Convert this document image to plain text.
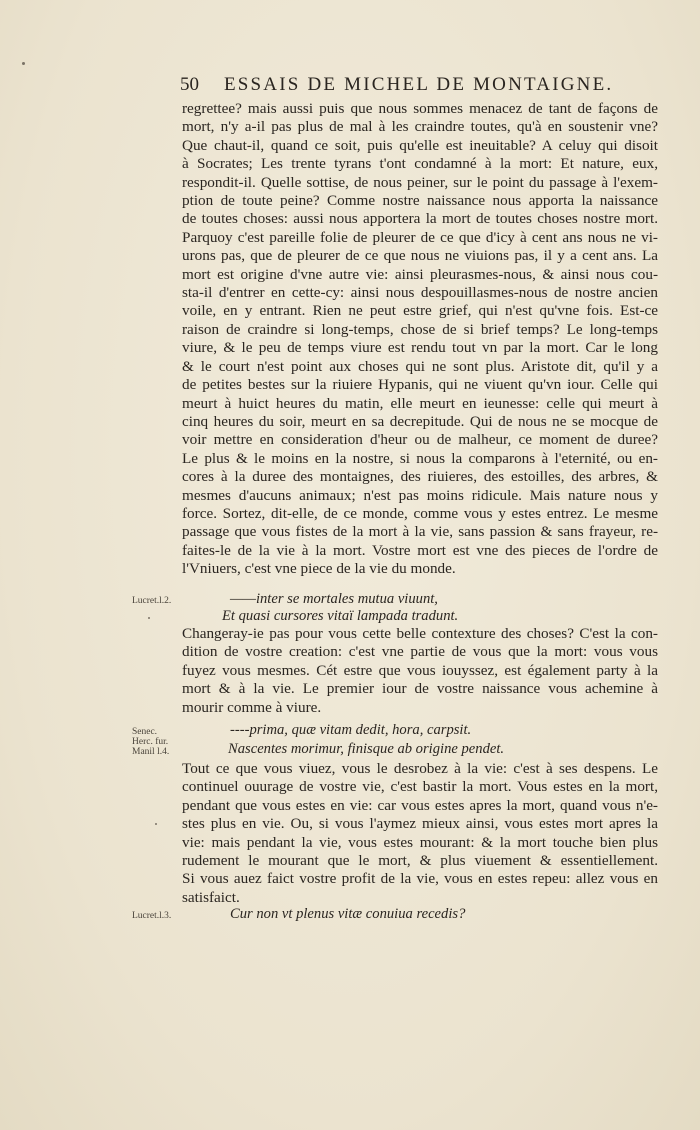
50 ESSAIS DE MICHEL DE MONTAIGNE.
regrettee? mais aussi puis que nous sommes menacez de tant de façons de
mort, n'y a-il pas plus de mal à les craindre toutes, qu'à en soustenir vne?
Que chaut-il, quand ce soit, puis qu'elle est ineuitable? A celuy qui disoit
à Socrates; Les trente tyrans t'ont condamné à la mort: Et nature, eux,
respondit-il. Quelle sottise, de nous peiner, sur le point du passage à l'exem-
ption de toute peine? Comme nostre naissance nous apporta la naissance
de toutes choses: aussi nous apportera la mort de toutes choses nostre mort.
Parquoy c'est pareille folie de pleurer de ce que d'icy à cent ans nous ne vi-
urons pas, que de pleurer de ce que nous ne viuions pas, il y a cent ans. La
mort est origine d'vne autre vie: ainsi pleurasmes-nous, & ainsi nous cou-
sta-il d'entrer en cette-cy: ainsi nous despouillasmes-nous de nostre ancien
voile, en y entrant. Rien ne peut estre grief, qui n'est qu'vne fois. Est-ce
raison de craindre si long-temps, chose de si brief temps? Le long-temps
viure, & le peu de temps viure est rendu tout vn par la mort. Car le long
& le court n'est point aux choses qui ne sont plus. Aristote dit, qu'il y a
de petites bestes sur la riuiere Hypanis, qui ne viuent qu'vn iour. Celle qui
meurt à huict heures du matin, elle meurt en ieunesse: celle qui meurt à
cinq heures du soir, meurt en sa decrepitude. Qui de nous ne se mocque de
voir mettre en consideration d'heur ou de malheur, ce moment de duree?
Le plus & le moins en la nostre, si nous la comparons à l'eternité, ou en-
cores à la duree des montaignes, des riuieres, des estoilles, des arbres, &
mesmes d'aucuns animaux; n'est pas moins ridicule. Mais nature nous y
force. Sortez, dit-elle, de ce monde, comme vous y estes entrez. Le mesme
passage que vous fistes de la mort à la vie, sans passion & sans frayeur, re-
faites-le de la vie à la mort. Vostre mort est vne des pieces de l'ordre de
l'Vniuers, c'est vne piece de la vie du monde.
——inter se mortales mutua viuunt,
Et quasi cursores vitaï lampada tradunt.
Changeray-ie pas pour vous cette belle contexture des choses? C'est la con-
dition de vostre creation: c'est vne partie de vous que la mort: vous vous
fuyez vous mesmes. Cét estre que vous iouyssez, est également party à la
mort & à la vie. Le premier iour de vostre naissance vous achemine à
mourir comme à viure.
----prima, quæ vitam dedit, hora, carpsit.
Nascentes morimur, finisque ab origine pendet.
Tout ce que vous viuez, vous le desrobez à la vie: c'est à ses despens. Le
continuel ouurage de vostre vie, c'est bastir la mort. Vous estes en la mort,
pendant que vous estes en vie: car vous estes apres la mort, quand vous n'e-
stes plus en vie. Ou, si vous l'aymez mieux ainsi, vous estes mort apres la
vie: mais pendant la vie, vous estes mourant: & la mort touche bien plus
rudement le mourant que le mort, & plus viuement & essentiellement.
Si vous auez faict vostre profit de la vie, vous en estes repeu: allez vous en
satisfaict.
Cur non vt plenus vitæ conuiua recedis?
Lucret.l.2.
Senec.
Herc. fur.
Manil l.4.
Lucret.l.3.
